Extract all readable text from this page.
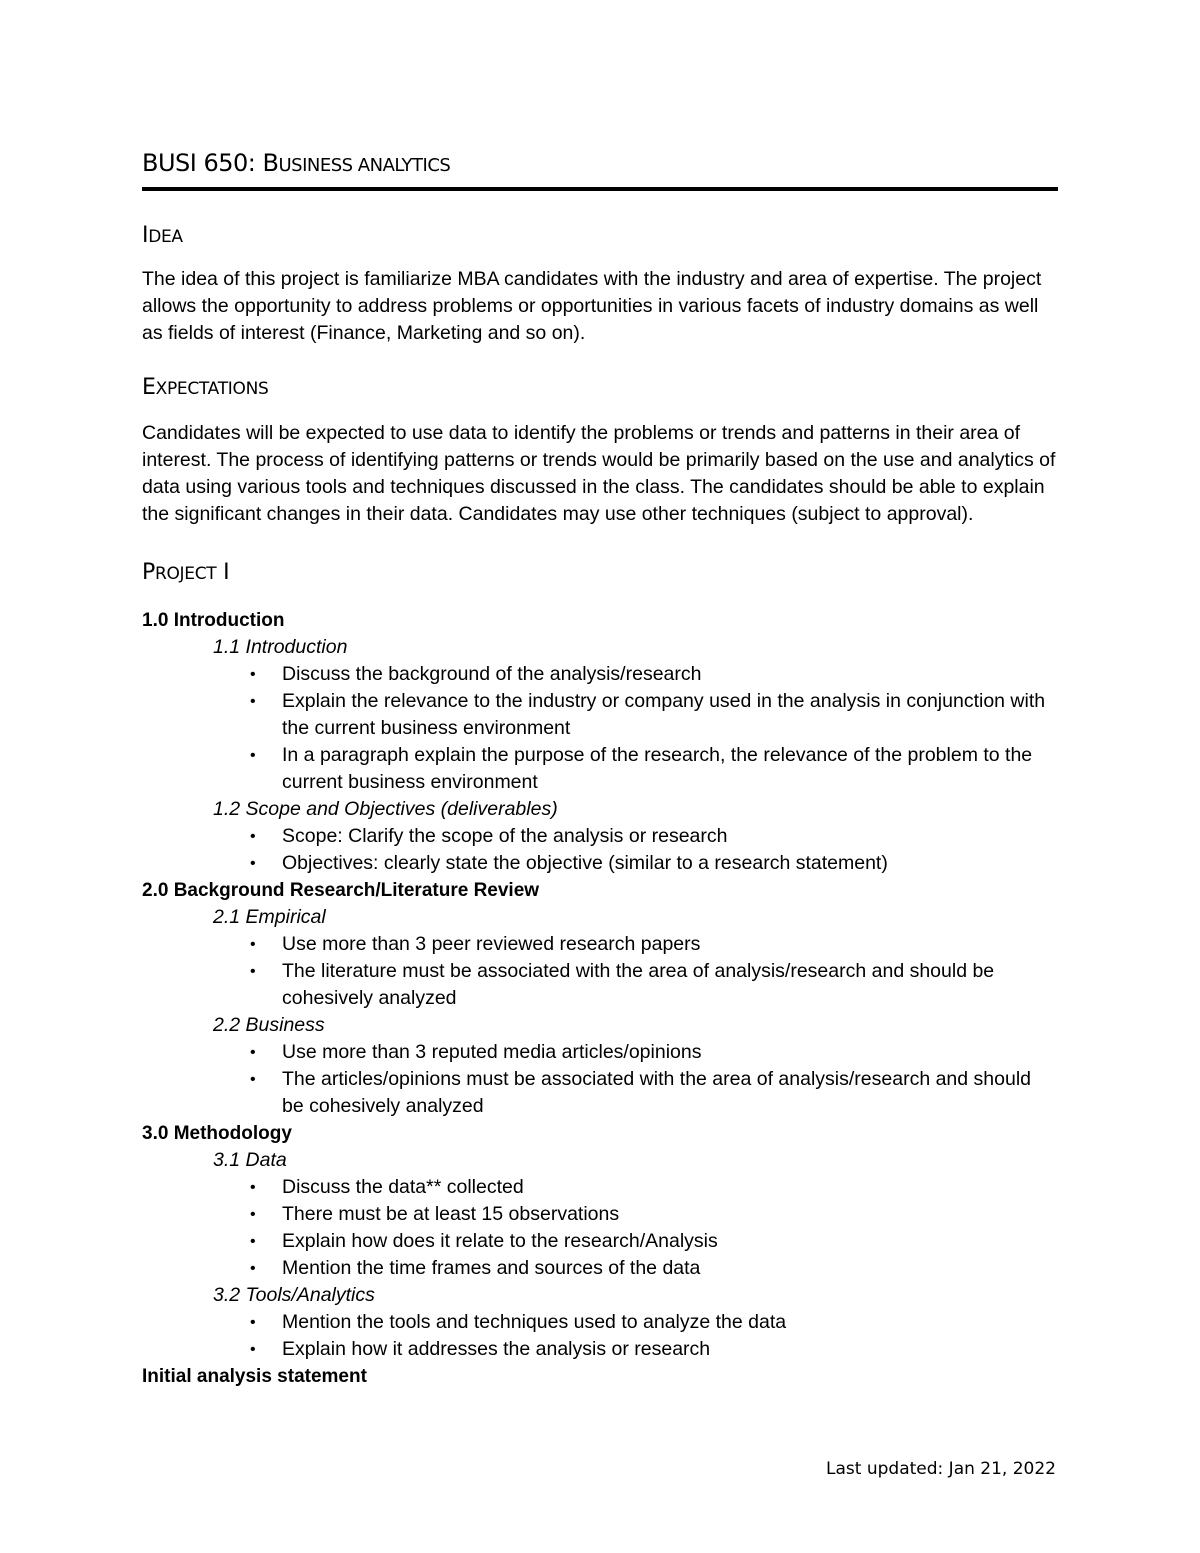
BUSI 650: BUSINESS ANALYTICS
IDEA

The idea of this project is familiarize MBA candidates with the industry and area of expertise. The project allows the opportunity to address problems or opportunities in various facets of industry domains as well as fields of interest (Finance, Marketing and so on).

EXPECTATIONS

Candidates will be expected to use data to identify the problems or trends and patterns in their area of interest. The process of identifying patterns or trends would be primarily based on the use and analytics of data using various tools and techniques discussed in the class. The candidates should be able to explain the significant changes in their data. Candidates may use other techniques (subject to approval).

PROJECT I

1.0 Introduction

1.1 Introduction

• Discuss the background of the analysis/research
• Explain the relevance to the industry or company used in the analysis in conjunction with the current business environment
• In a paragraph explain the purpose of the research, the relevance of the problem to the current business environment

1.2 Scope and Objectives (deliverables)

• Scope: Clarify the scope of the analysis or research
• Objectives: clearly state the objective (similar to a research statement)

2.0 Background Research/Literature Review

2.1 Empirical

• Use more than 3 peer reviewed research papers
• The literature must be associated with the area of analysis/research and should be cohesively analyzed

2.2 Business

• Use more than 3 reputed media articles/opinions
• The articles/opinions must be associated with the area of analysis/research and should be cohesively analyzed

3.0 Methodology

3.1 Data

• Discuss the data** collected
• There must be at least 15 observations
• Explain how does it relate to the research/Analysis
• Mention the time frames and sources of the data

3.2 Tools/Analytics

• Mention the tools and techniques used to analyze the data
• Explain how it addresses the analysis or research

Initial analysis statement

Last updated: Jan 21, 2022
